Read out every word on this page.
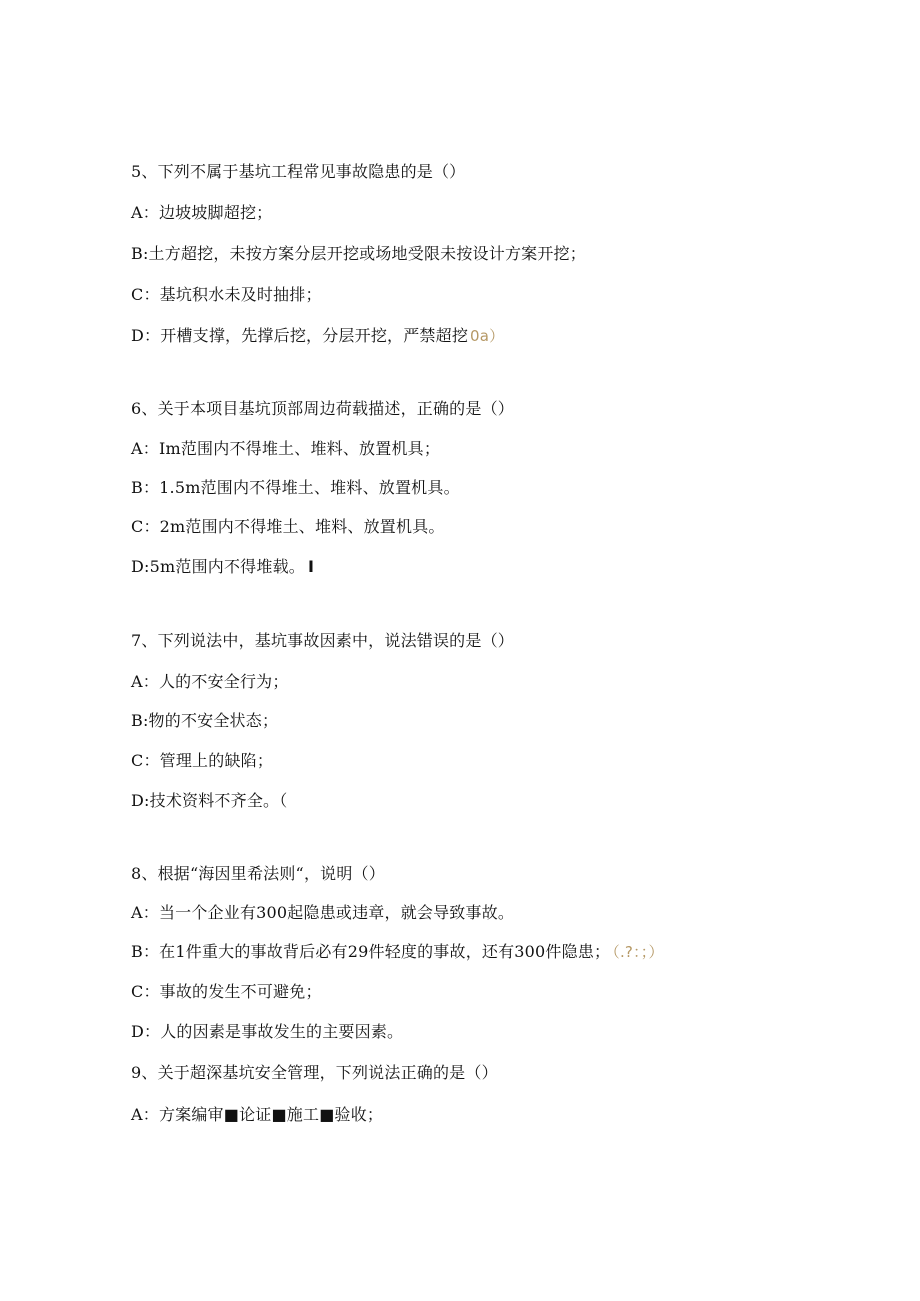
5、下列不属于基坑工程常见事故隐患的是（）
A：边坡坡脚超挖；
B:土方超挖，未按方案分层开挖或场地受限未按设计方案开挖；
C：基坑积水未及时抽排；
D：开槽支撑，先撑后挖，分层开挖，严禁超挖 0a）
6、关于本项目基坑顶部周边荷载描述，正确的是（）
A：Im范围内不得堆土、堆料、放置机具；
B：1.5m范围内不得堆土、堆料、放置机具。
C：2m范围内不得堆土、堆料、放置机具。
D:5m范围内不得堆载。 I
7、下列说法中，基坑事故因素中，说法错误的是（）
A：人的不安全行为；
B:物的不安全状态；
C：管理上的缺陷；
D:技术资料不齐全。（
8、根据“海因里希法则“，说明（）
A：当一个企业有300起隐患或违章，就会导致事故。
B：在1件重大的事故背后必有29件轻度的事故，还有300件隐患； （.?：；）
C：事故的发生不可避免；
D：人的因素是事故发生的主要因素。
9、关于超深基坑安全管理，下列说法正确的是（）
A：方案编审■论证■施工■验收；
